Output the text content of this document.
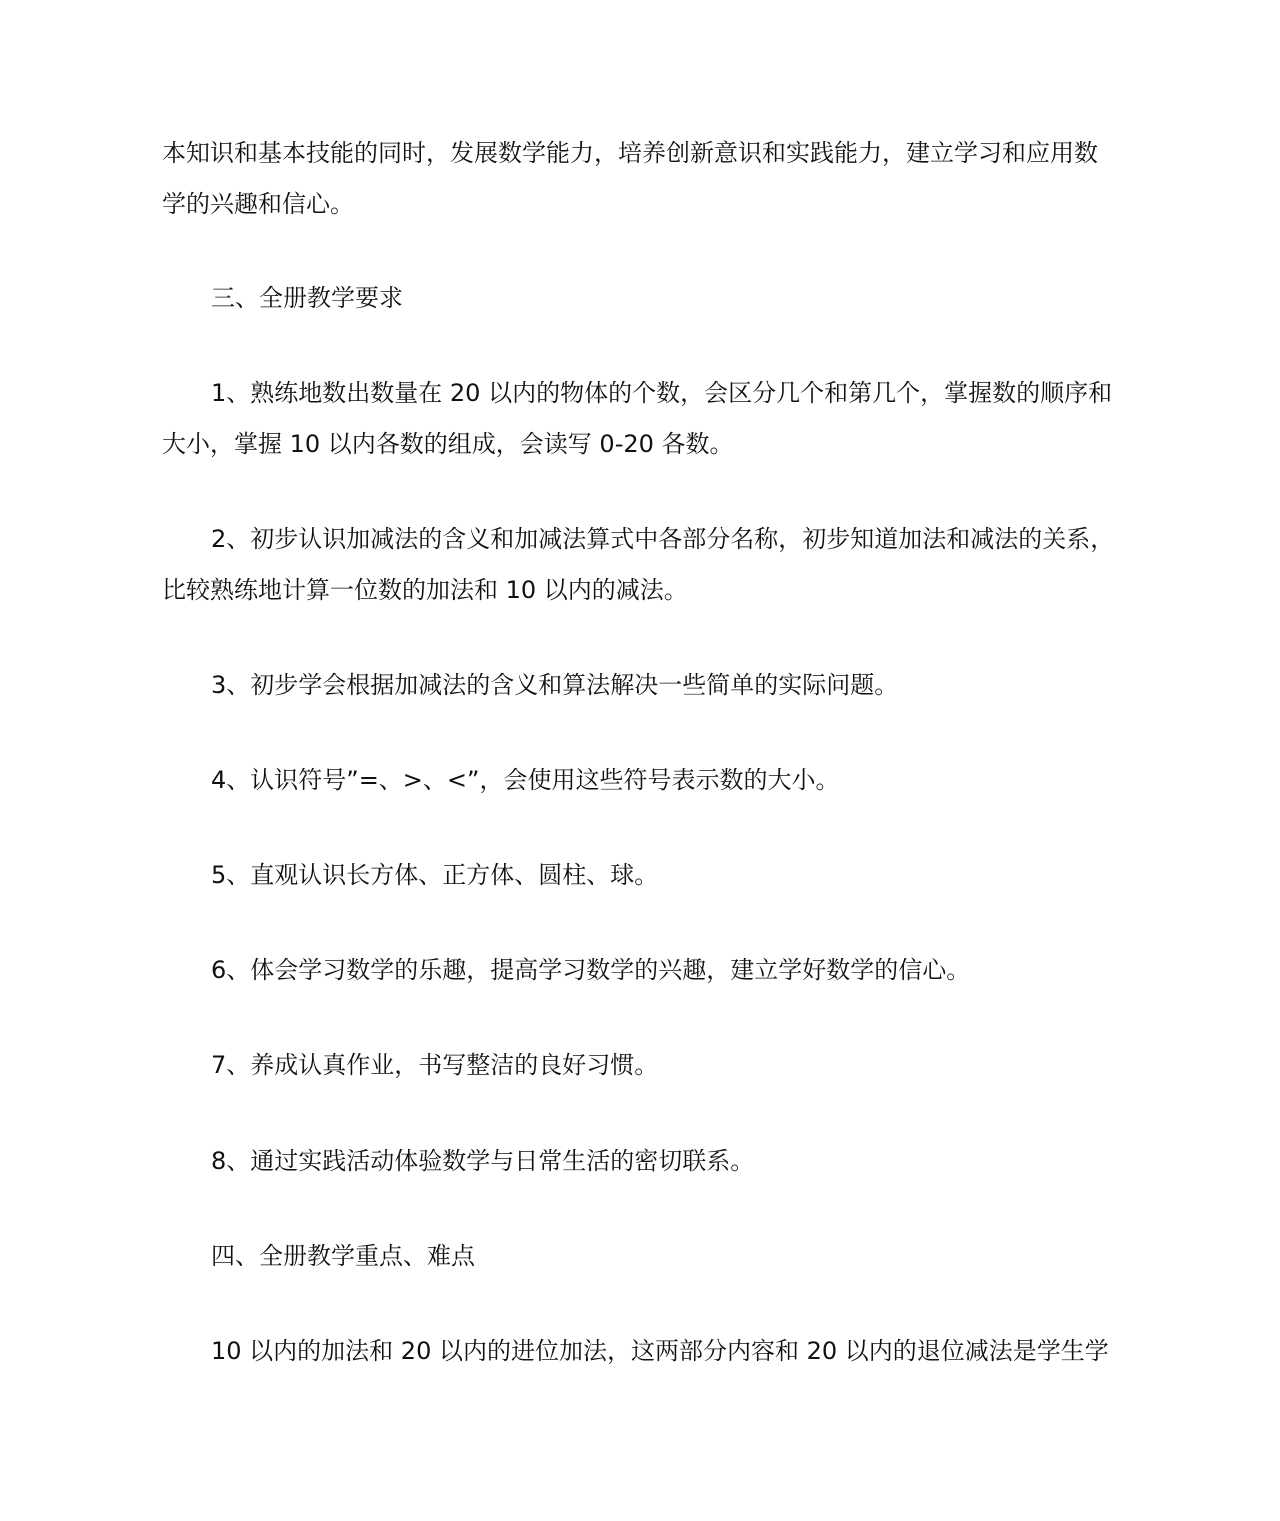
本知识和基本技能的同时，发展数学能力，培养创新意识和实践能力，建立学习和应用数
学的兴趣和信心。
三、全册教学要求
1、熟练地数出数量在 20 以内的物体的个数，会区分几个和第几个，掌握数的顺序和
大小，掌握 10 以内各数的组成，会读写 0-20 各数。
2、初步认识加减法的含义和加减法算式中各部分名称，初步知道加法和减法的关系，
比较熟练地计算一位数的加法和 10 以内的减法。
3、初步学会根据加减法的含义和算法解决一些简单的实际问题。
4、认识符号”=、>、<”，会使用这些符号表示数的大小。
5、直观认识长方体、正方体、圆柱、球。
6、体会学习数学的乐趣，提高学习数学的兴趣，建立学好数学的信心。
7、养成认真作业，书写整洁的良好习惯。
8、通过实践活动体验数学与日常生活的密切联系。
四、全册教学重点、难点
10 以内的加法和 20 以内的进位加法，这两部分内容和 20 以内的退位减法是学生学
